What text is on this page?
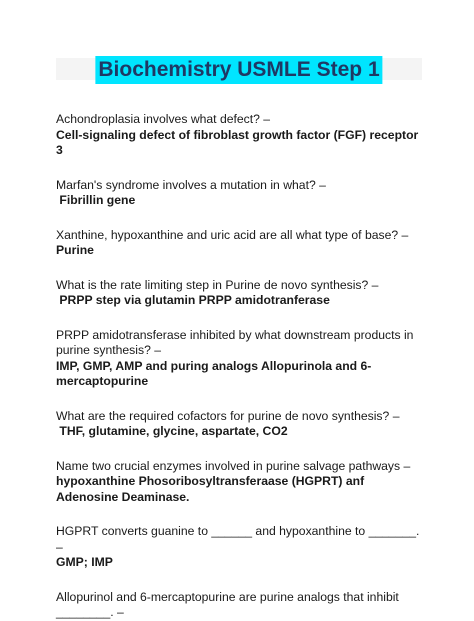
Biochemistry USMLE Step 1
Achondroplasia involves what defect? –
Cell-signaling defect of fibroblast growth factor (FGF) receptor 3
Marfan's syndrome involves a mutation in what? –
Fibrillin gene
Xanthine, hypoxanthine and uric acid are all what type of base? –
Purine
What is the rate limiting step in Purine de novo synthesis? –
PRPP step via glutamin PRPP amidotranferase
PRPP amidotransferase inhibited by what downstream products in purine synthesis? –
IMP, GMP, AMP and puring analogs Allopurinola and 6-mercaptopurine
What are the required cofactors for purine de novo synthesis? –
THF, glutamine, glycine, aspartate, CO2
Name two crucial enzymes involved in purine salvage pathways –
hypoxanthine Phosoribosyltransferaase (HGPRT) anf Adenosine Deaminase.
HGPRT converts guanine to ______ and hypoxanthine to _______. –
GMP; IMP
Allopurinol and 6-mercaptopurine are purine analogs that inhibit ________. –
